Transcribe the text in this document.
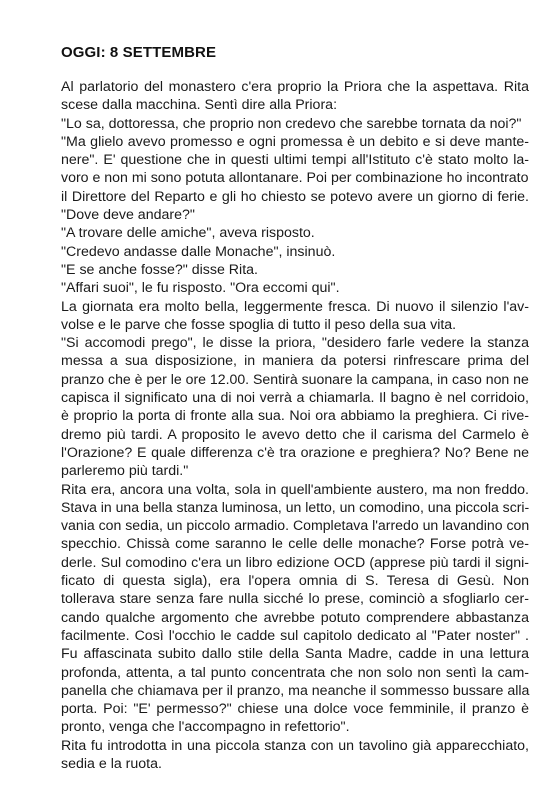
OGGI: 8 SETTEMBRE
Al parlatorio del monastero c'era proprio la Priora che la aspettava. Rita
scese dalla macchina. Sentì dire alla Priora:
"Lo sa, dottoressa, che proprio non credevo che sarebbe tornata da noi?"
"Ma glielo avevo promesso e ogni promessa è un debito e si deve mante-
nere". E' questione che in questi ultimi tempi all'Istituto c'è stato molto la-
voro e non mi sono potuta allontanare. Poi per combinazione ho incontrato
il Direttore del Reparto e gli ho chiesto se potevo avere un giorno di ferie.
"Dove deve andare?"
"A trovare delle amiche", aveva risposto.
"Credevo andasse dalle Monache", insinuò.
"E se anche fosse?" disse Rita.
"Affari suoi", le fu risposto. "Ora eccomi qui".
La giornata era molto bella, leggermente fresca. Di nuovo il silenzio l'av-
volse e le parve che fosse spoglia di tutto il peso della sua vita.
"Si accomodi prego", le disse la priora, "desidero farle vedere la stanza
messa a sua disposizione, in maniera da potersi rinfrescare prima del
pranzo che è per le ore 12.00. Sentirà suonare la campana, in caso non ne
capisca il significato una di noi verrà a chiamarla. Il bagno è nel corridoio,
è proprio la porta di fronte alla sua. Noi ora abbiamo la preghiera. Ci rive-
dremo più tardi. A proposito le avevo detto che il carisma del Carmelo è
l'Orazione? E quale differenza c'è tra orazione e preghiera? No? Bene ne
parleremo più tardi."
Rita era, ancora una volta, sola in quell'ambiente austero, ma non freddo.
Stava in una bella stanza luminosa, un letto, un comodino, una piccola scri-
vania con sedia, un piccolo armadio. Completava l'arredo un lavandino con
specchio. Chissà come saranno le celle delle monache? Forse potrà ve-
derle. Sul comodino c'era un libro edizione OCD (apprese più tardi il signi-
ficato di questa sigla), era l'opera omnia di S. Teresa di Gesù. Non
tollerava stare senza fare nulla sicché lo prese, cominciò a sfogliarlo cer-
cando qualche argomento che avrebbe potuto comprendere abbastanza
facilmente. Così l'occhio le cadde sul capitolo dedicato al "Pater noster" .
Fu affascinata subito dallo stile della Santa Madre, cadde in una lettura
profonda, attenta, a tal punto concentrata che non solo non sentì la cam-
panella che chiamava per il pranzo, ma neanche il sommesso bussare alla
porta. Poi: "E' permesso?" chiese una dolce voce femminile, il pranzo è
pronto, venga che l'accompagno in refettorio".
Rita fu introdotta in una piccola stanza con un tavolino già apparecchiato,
sedia e la ruota.
